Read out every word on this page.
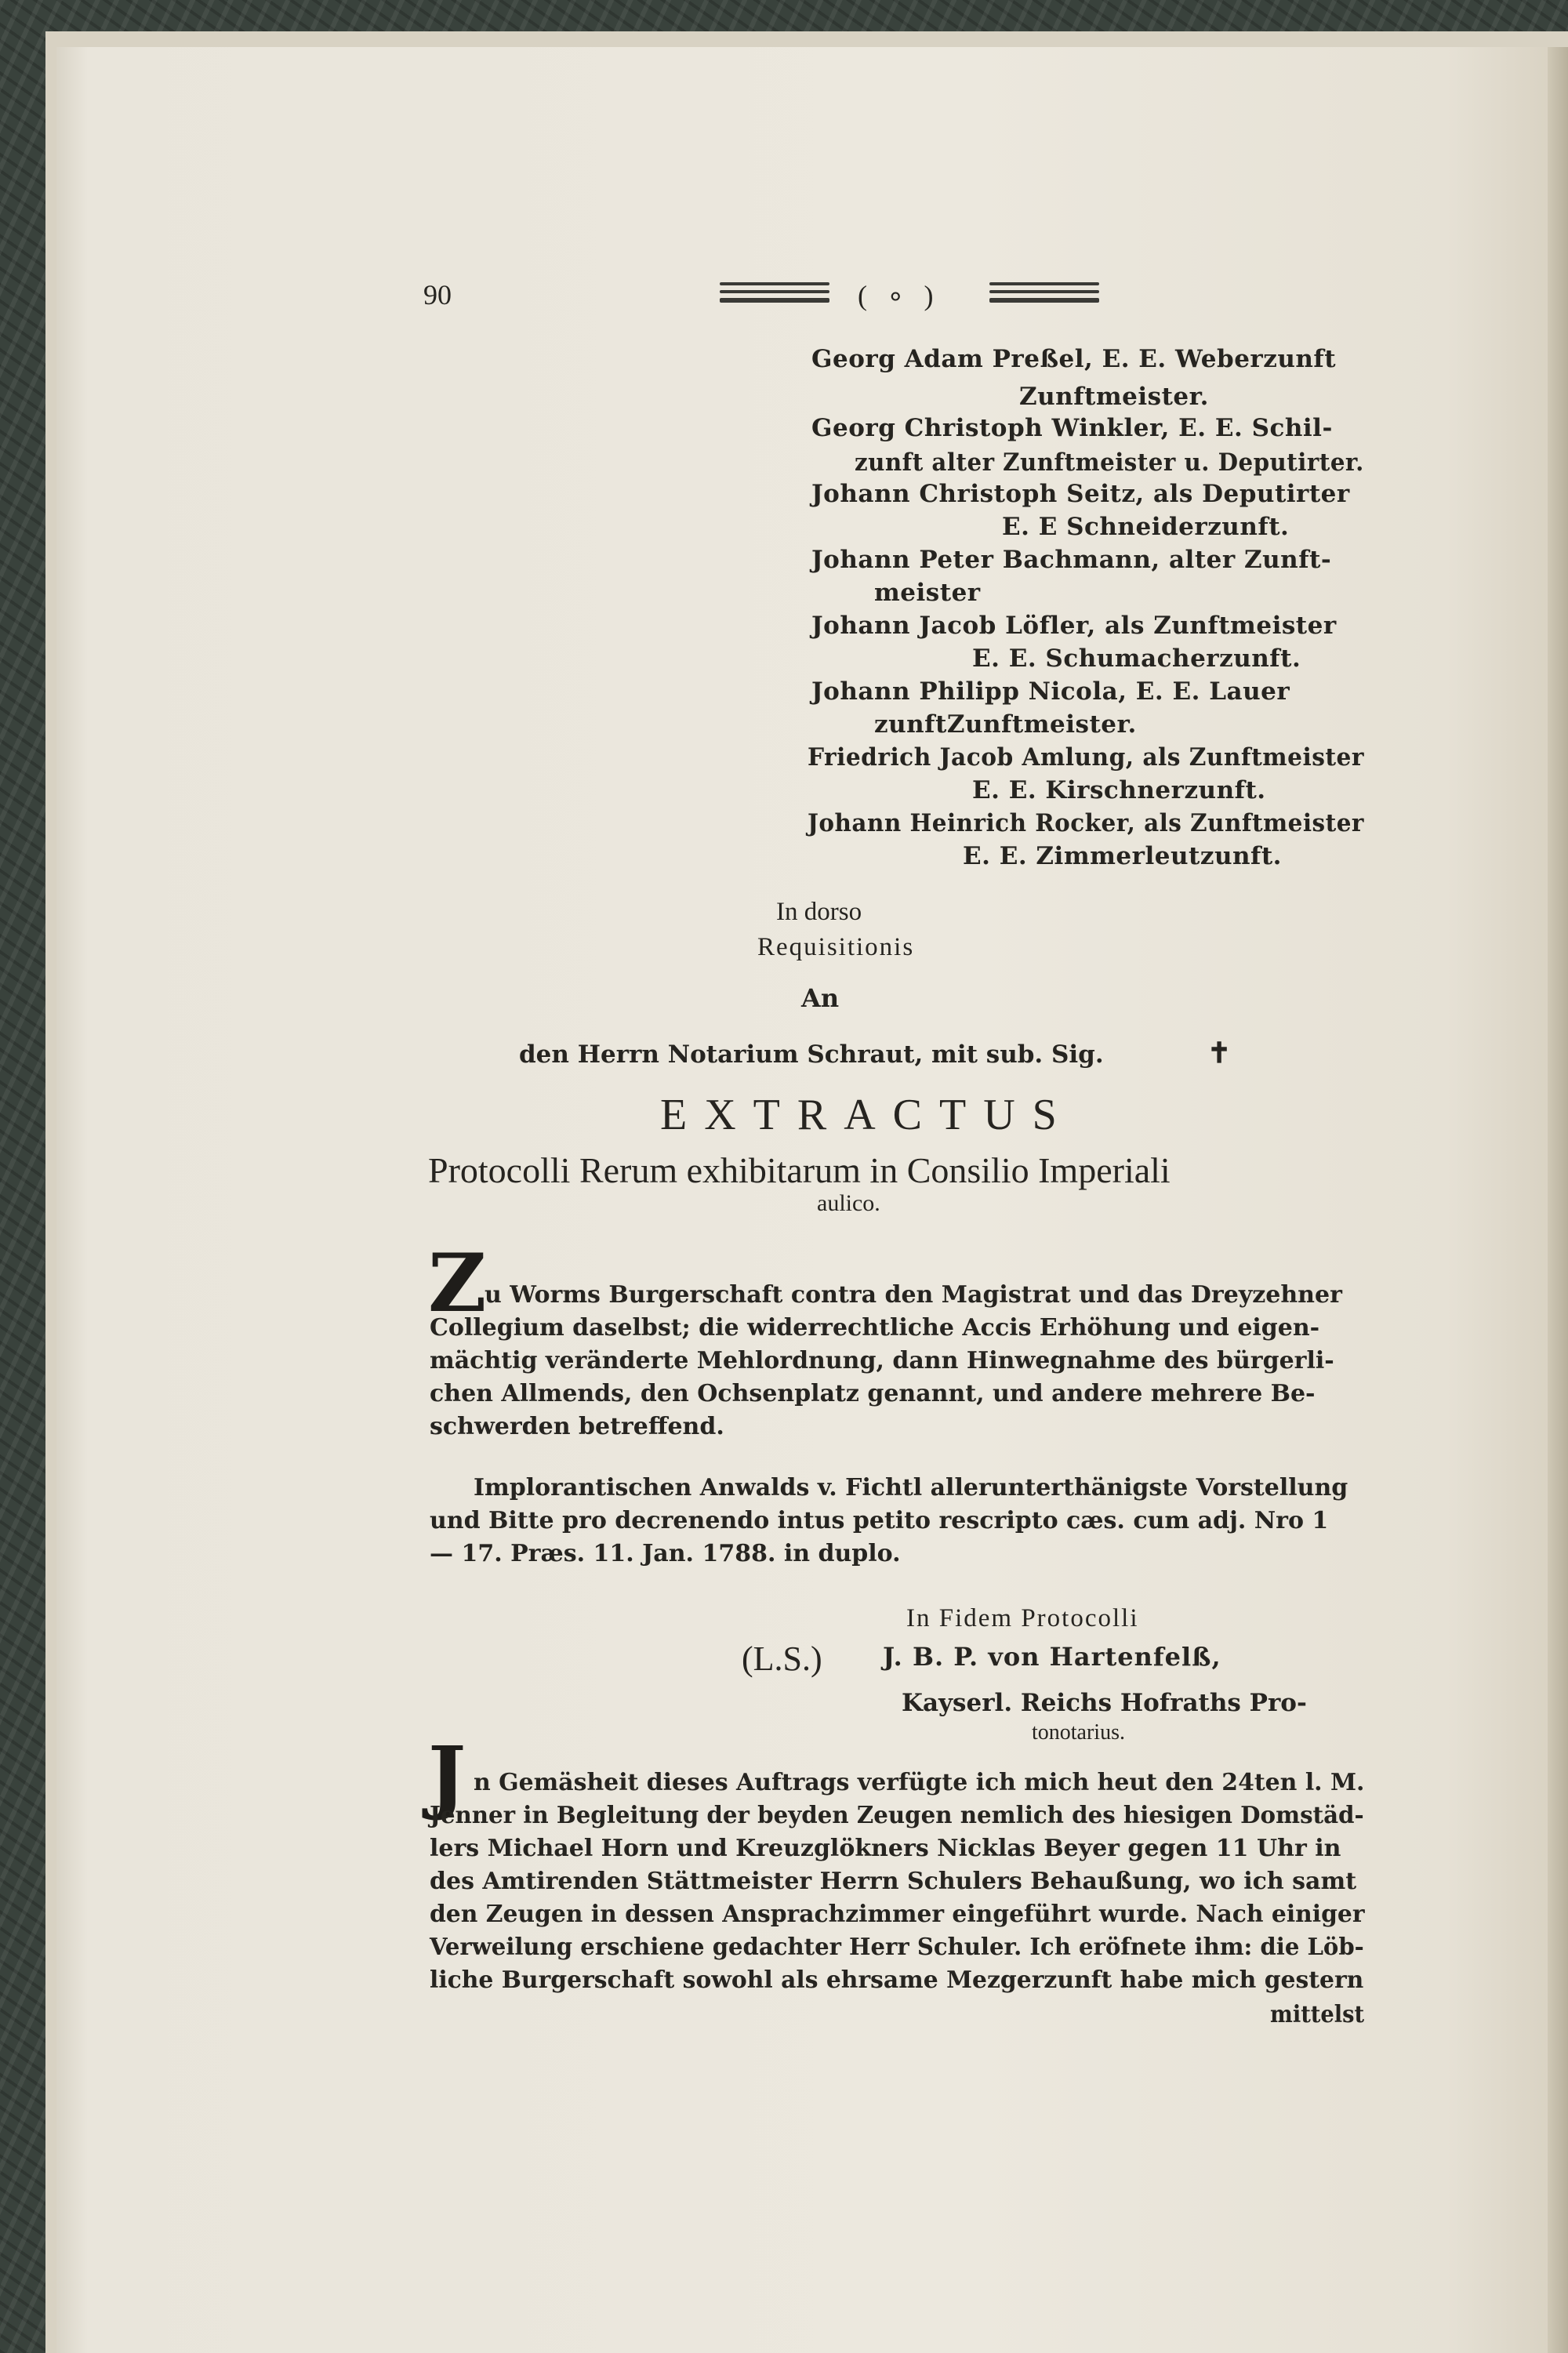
90	( ∘ )
Georg Adam Preßel, E. E. Weberzunft
Zunftmeister.
Georg Christoph Winkler, E. E. Schil-
zunft alter Zunftmeister u. Deputirter.
Johann Christoph Seitz, als Deputirter
E. E Schneiderzunft.
Johann Peter Bachmann, alter Zunft-
meister
Johann Jacob Löfler, als Zunftmeister
E. E. Schumacherzunft.
Johann Philipp Nicola, E. E. Lauer
zunftZunftmeister.
Friedrich Jacob Amlung, als Zunftmeister
E. E. Kirschnerzunft.
Johann Heinrich Rocker, als Zunftmeister
E. E. Zimmerleutzunft.
In dorso
Requisitionis
An
den Herrn Notarium Schraut, mit sub. Sig.	✝
EXTRACTUS
Protocolli Rerum exhibitarum in Consilio Imperiali
aulico.
Z
u Worms Burgerschaft contra den Magistrat und das Dreyzehner
Collegium daselbst; die widerrechtliche Accis Erhöhung und eigen-
mächtig veränderte Mehlordnung, dann Hinwegnahme des bürgerli-
chen Allmends, den Ochsenplatz genannt, und andere mehrere Be-
schwerden betreffend.
Implorantischen Anwalds v. Fichtl allerunterthänigste Vorstellung
und Bitte pro decrenendo intus petito rescripto cæs. cum adj. Nro 1
— 17. Præs. 11. Jan. 1788. in duplo.
In Fidem Protocolli
(L.S.) J. B. P. von Hartenfelß,
Kayserl. Reichs Hofraths Pro-
tonotarius.
J n Gemäsheit dieses Auftrags verfügte ich mich heut den 24ten l. M.
Jenner in Begleitung der beyden Zeugen nemlich des hiesigen Domstäd-
lers Michael Horn und Kreuzglökners Nicklas Beyer gegen 11 Uhr in
des Amtirenden Stättmeister Herrn Schulers Behaußung, wo ich samt
den Zeugen in dessen Ansprachzimmer eingeführt wurde. Nach einiger
Verweilung erschiene gedachter Herr Schuler. Ich eröfnete ihm: die Löb-
liche Burgerschaft sowohl als ehrsame Mezgerzunft habe mich gestern
mittelst
